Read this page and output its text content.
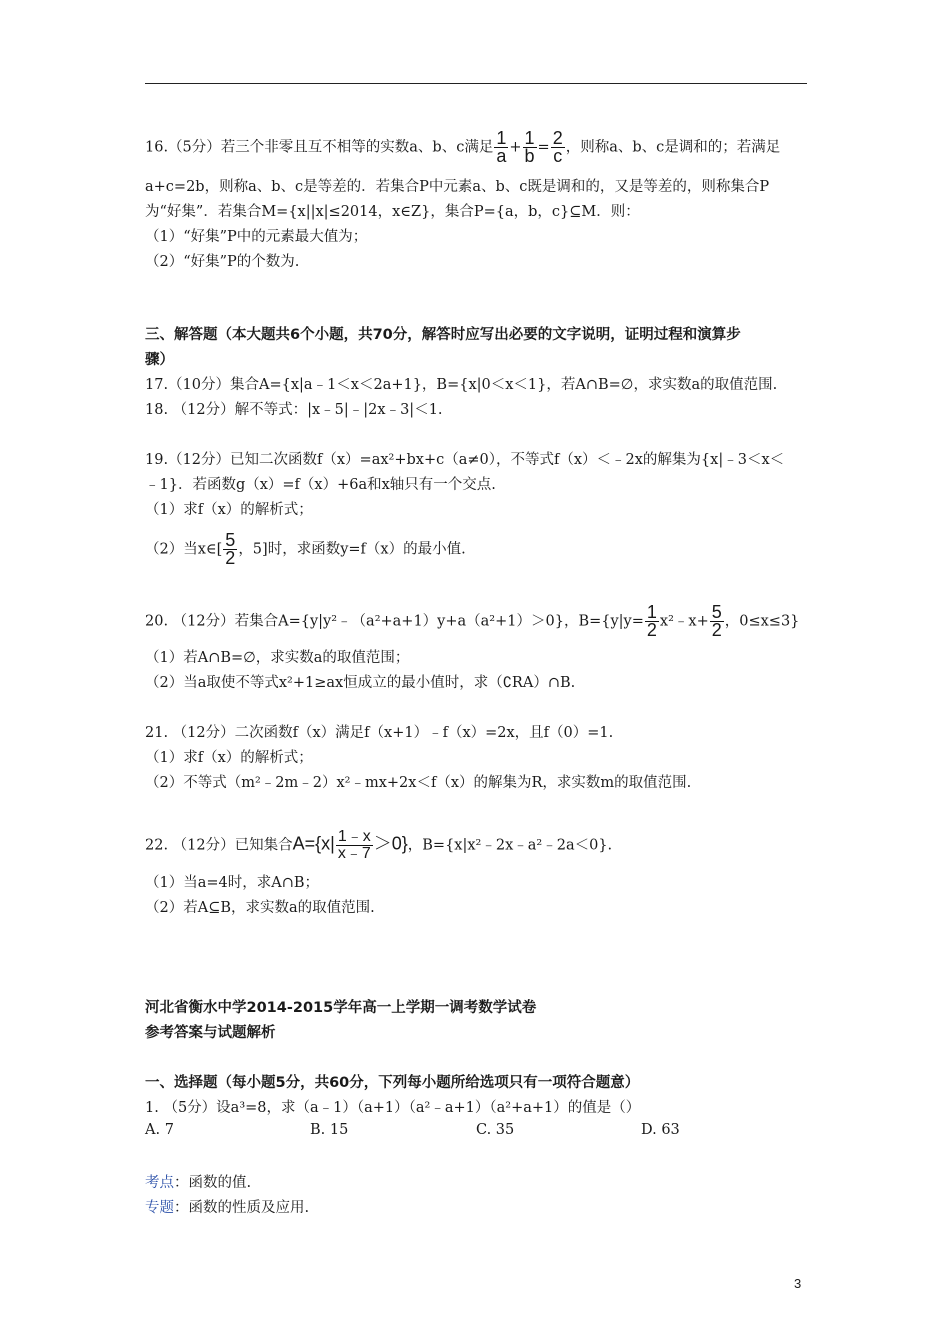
16.（5分）若三个非零且互不相等的实数a、b、c满足 $\frac{1}{a} + \frac{1}{b} = \frac{2}{c}$ ，则称a、b、c是调和的；若满足
a+c=2b，则称a、b、c是等差的．若集合P中元素a、b、c既是调和的，又是等差的，则称集合P
为“好集”．若集合M={x||x|≤2014，x∈Z}，集合P={a，b，c}⊆M．则：
（1）“好集”P中的元素最大值为；
（2）“好集”P的个数为.
三、解答题（本大题共6个小题，共70分，解答时应写出必要的文字说明，证明过程和演算步
骤）
17.（10分）集合A={x|a﹣1＜x＜2a+1}，B={x|0＜x＜1}，若A∩B=∅，求实数a的取值范围.
18. （12分）解不等式：|x﹣5|﹣|2x﹣3|＜1.
19.（12分）已知二次函数f（x）=ax²+bx+c（a≠0），不等式f（x）＜﹣2x的解集为{x|﹣3＜x＜
﹣1}．若函数g（x）=f（x）+6a和x轴只有一个交点.
（1）求f（x）的解析式；
（2）当x∈[ $\frac{5}{2}$ ，5]时，求函数y=f（x）的最小值.
20. （12分）若集合A={y|y²﹣（a²+a+1）y+a（a²+1）＞0}，$B=\{y|y= \frac{1}{2}$ x²﹣x+ $\frac{5}{2}$ ，0≤x≤3}
（1）若A∩B=∅，求实数a的取值范围；
（2）当a取使不等式x²+1≥ax恒成立的最小值时，求（∁RA）∩B.
21. （12分）二次函数f（x）满足f（x+1）﹣f（x）=2x，且f（0）=1.
（1）求f（x）的解析式；
（2）不等式（m²﹣2m﹣2）x²﹣mx+2x＜f（x）的解集为R，求实数m的取值范围.
22. （12分）已知集合$A=\{x| \frac{1﹣x}{x﹣7} >0\}$，B={x|x²﹣2x﹣a²﹣2a＜0}.
（1）当a=4时，求A∩B；
（2）若A⊆B，求实数a的取值范围.
河北省衡水中学2014-2015学年高一上学期一调考数学试卷
参考答案与试题解析
一、选择题（每小题5分，共60分，下列每小题所给选项只有一项符合题意）
1. （5分）设a³=8，求（a﹣1）（a+1）（a²﹣a+1）（a²+a+1）的值是（）
A. 7	B. 15	C. 35	D. 63
考点：函数的值.
专题：函数的性质及应用.
3
